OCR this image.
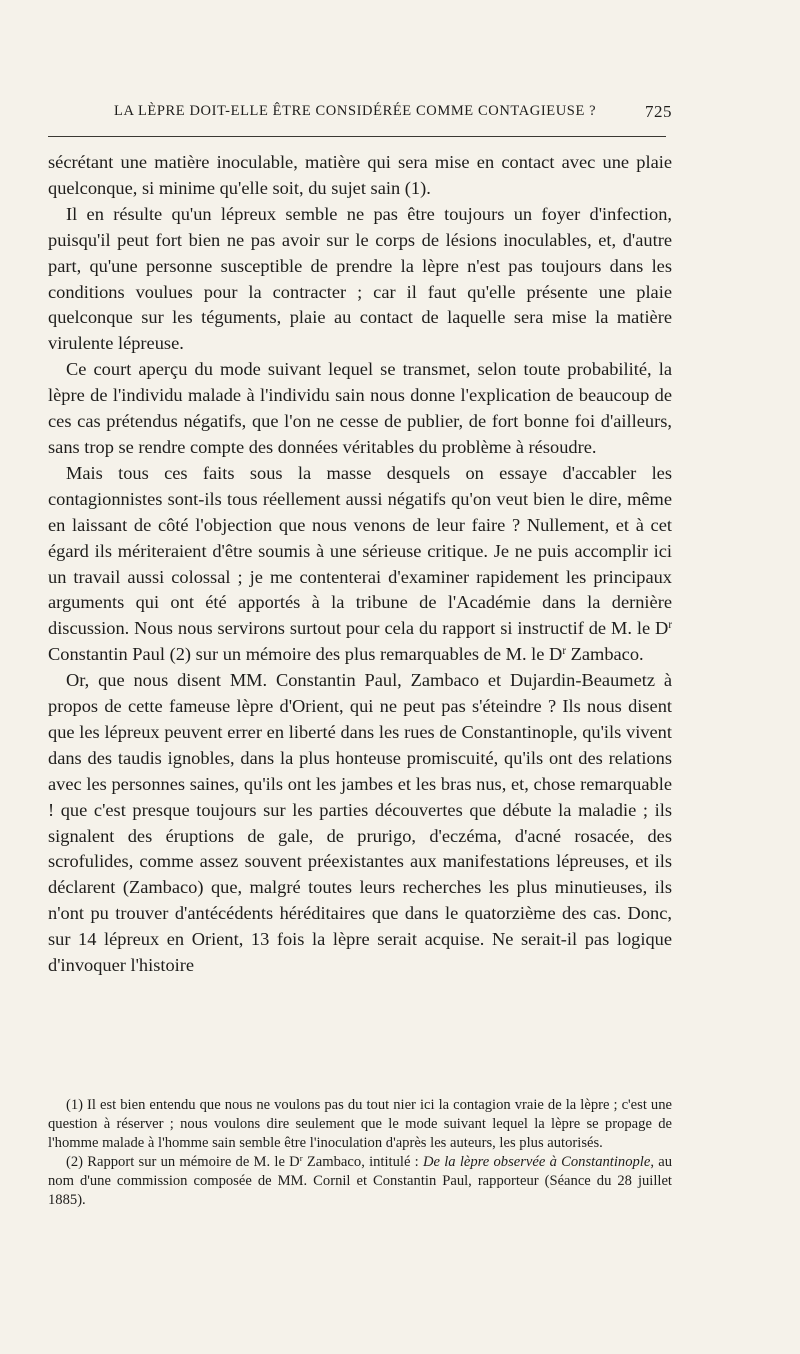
LA LÈPRE DOIT-ELLE ÊTRE CONSIDÉRÉE COMME CONTAGIEUSE ?	725

sécrétant une matière inoculable, matière qui sera mise en contact avec une plaie quelconque, si minime qu'elle soit, du sujet sain (1).

Il en résulte qu'un lépreux semble ne pas être toujours un foyer d'infection, puisqu'il peut fort bien ne pas avoir sur le corps de lésions inoculables, et, d'autre part, qu'une personne susceptible de prendre la lèpre n'est pas toujours dans les conditions voulues pour la contracter ; car il faut qu'elle présente une plaie quelconque sur les téguments, plaie au contact de laquelle sera mise la matière virulente lépreuse.

Ce court aperçu du mode suivant lequel se transmet, selon toute probabilité, la lèpre de l'individu malade à l'individu sain nous donne l'explication de beaucoup de ces cas prétendus négatifs, que l'on ne cesse de publier, de fort bonne foi d'ailleurs, sans trop se rendre compte des données véritables du problème à résoudre.

Mais tous ces faits sous la masse desquels on essaye d'accabler les contagionnistes sont-ils tous réellement aussi négatifs qu'on veut bien le dire, même en laissant de côté l'objection que nous venons de leur faire ? Nullement, et à cet égard ils mériteraient d'être soumis à une sérieuse critique. Je ne puis accomplir ici un travail aussi colossal ; je me contenterai d'examiner rapidement les principaux arguments qui ont été apportés à la tribune de l'Académie dans la dernière discussion. Nous nous servirons surtout pour cela du rapport si instructif de M. le $D^r$ Constantin Paul (2) sur un mémoire des plus remarquables de M. le $D^r$ Zambaco.

Or, que nous disent MM. Constantin Paul, Zambaco et Dujardin-Beaumetz à propos de cette fameuse lèpre d'Orient, qui ne peut pas s'éteindre ? Ils nous disent que les lépreux peuvent errer en liberté dans les rues de Constantinople, qu'ils vivent dans des taudis ignobles, dans la plus honteuse promiscuité, qu'ils ont des relations avec les personnes saines, qu'ils ont les jambes et les bras nus, et, chose remarquable ! que c'est presque toujours sur les parties découvertes que débute la maladie ; ils signalent des éruptions de gale, de prurigo, d'eczéma, d'acné rosacée, des scrofulides, comme assez souvent préexistantes aux manifestations lépreuses, et ils déclarent (Zambaco) que, malgré toutes leurs recherches les plus minutieuses, ils n'ont pu trouver d'antécédents héréditaires que dans le quatorzième des cas. Donc, sur 14 lépreux en Orient, 13 fois la lèpre serait acquise. Ne serait-il pas logique d'invoquer l'histoire

(1) Il est bien entendu que nous ne voulons pas du tout nier ici la contagion vraie de la lèpre ; c'est une question à réserver ; nous voulons dire seulement que le mode suivant lequel la lèpre se propage de l'homme malade à l'homme sain semble être l'inoculation d'après les auteurs, les plus autorisés.

(2) Rapport sur un mémoire de M. le $D^r$ Zambaco, intitulé : De la lèpre observée à Constantinople, au nom d'une commission composée de MM. Cornil et Constantin Paul, rapporteur (Séance du 28 juillet 1885).
